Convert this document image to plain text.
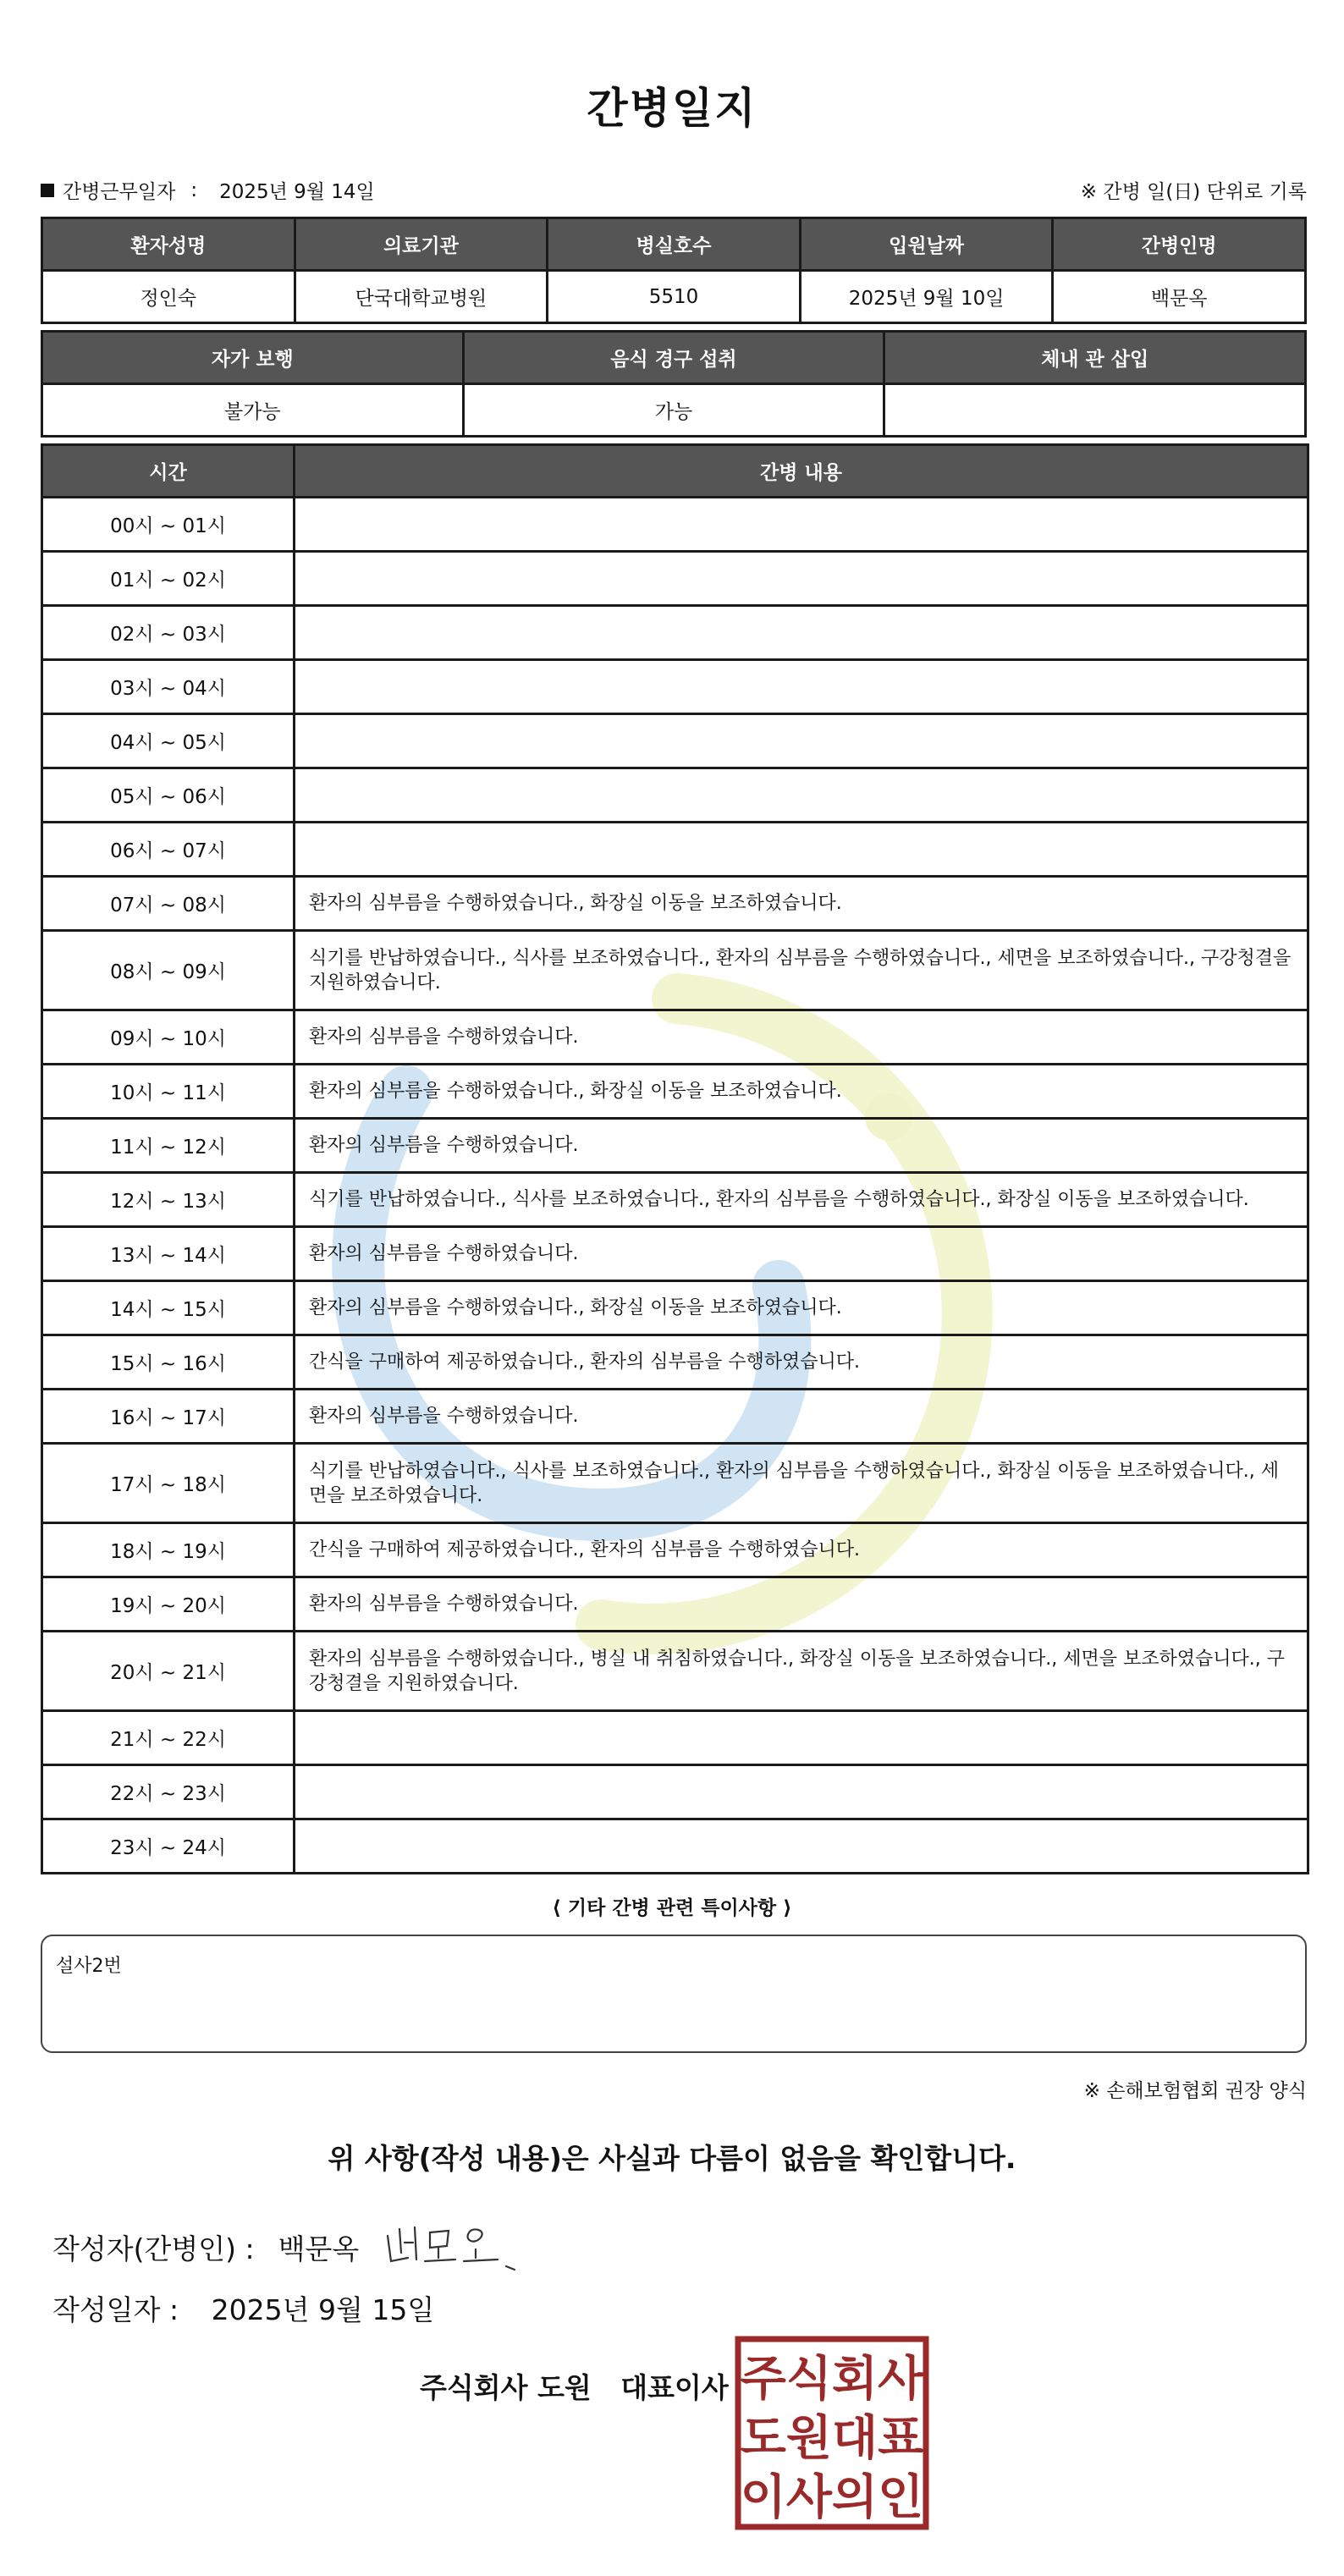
간병일지
간병근무일자 : 2025년 9월 14일	※ 간병 일(日) 단위로 기록
환자성명	의료기관	병실호수	입원날짜	간병인명
정인숙	단국대학교병원	5510	2025년 9월 10일	백문옥
자가 보행	음식 경구 섭취	체내 관 삽입
불가능	가능	
시간	간병 내용
00시 ~ 01시	
01시 ~ 02시	
02시 ~ 03시	
03시 ~ 04시	
04시 ~ 05시	
05시 ~ 06시	
06시 ~ 07시	
07시 ~ 08시	환자의 심부름을 수행하였습니다., 화장실 이동을 보조하였습니다.
08시 ~ 09시	식기를 반납하였습니다., 식사를 보조하였습니다., 환자의 심부름을 수행하였습니다., 세면을 보조하였습니다., 구강청결을 지원하였습니다.
09시 ~ 10시	환자의 심부름을 수행하였습니다.
10시 ~ 11시	환자의 심부름을 수행하였습니다., 화장실 이동을 보조하였습니다.
11시 ~ 12시	환자의 심부름을 수행하였습니다.
12시 ~ 13시	식기를 반납하였습니다., 식사를 보조하였습니다., 환자의 심부름을 수행하였습니다., 화장실 이동을 보조하였습니다.
13시 ~ 14시	환자의 심부름을 수행하였습니다.
14시 ~ 15시	환자의 심부름을 수행하였습니다., 화장실 이동을 보조하였습니다.
15시 ~ 16시	간식을 구매하여 제공하였습니다., 환자의 심부름을 수행하였습니다.
16시 ~ 17시	환자의 심부름을 수행하였습니다.
17시 ~ 18시	식기를 반납하였습니다., 식사를 보조하였습니다., 환자의 심부름을 수행하였습니다., 화장실 이동을 보조하였습니다., 세면을 보조하였습니다.
18시 ~ 19시	간식을 구매하여 제공하였습니다., 환자의 심부름을 수행하였습니다.
19시 ~ 20시	환자의 심부름을 수행하였습니다.
20시 ~ 21시	환자의 심부름을 수행하였습니다., 병실 내 취침하였습니다., 화장실 이동을 보조하였습니다., 세면을 보조하였습니다., 구강청결을 지원하였습니다.
21시 ~ 22시	
22시 ~ 23시	
23시 ~ 24시	
⟨ 기타 간병 관련 특이사항 ⟩
설사2번
※ 손해보험협회 권장 양식
위 사항(작성 내용)은 사실과 다름이 없음을 확인합니다.
작성자(간병인) : 백문옥
작성일자 : 2025년 9월 15일
주식회사 도원   대표이사 주식회사
도원대표
이사의인
